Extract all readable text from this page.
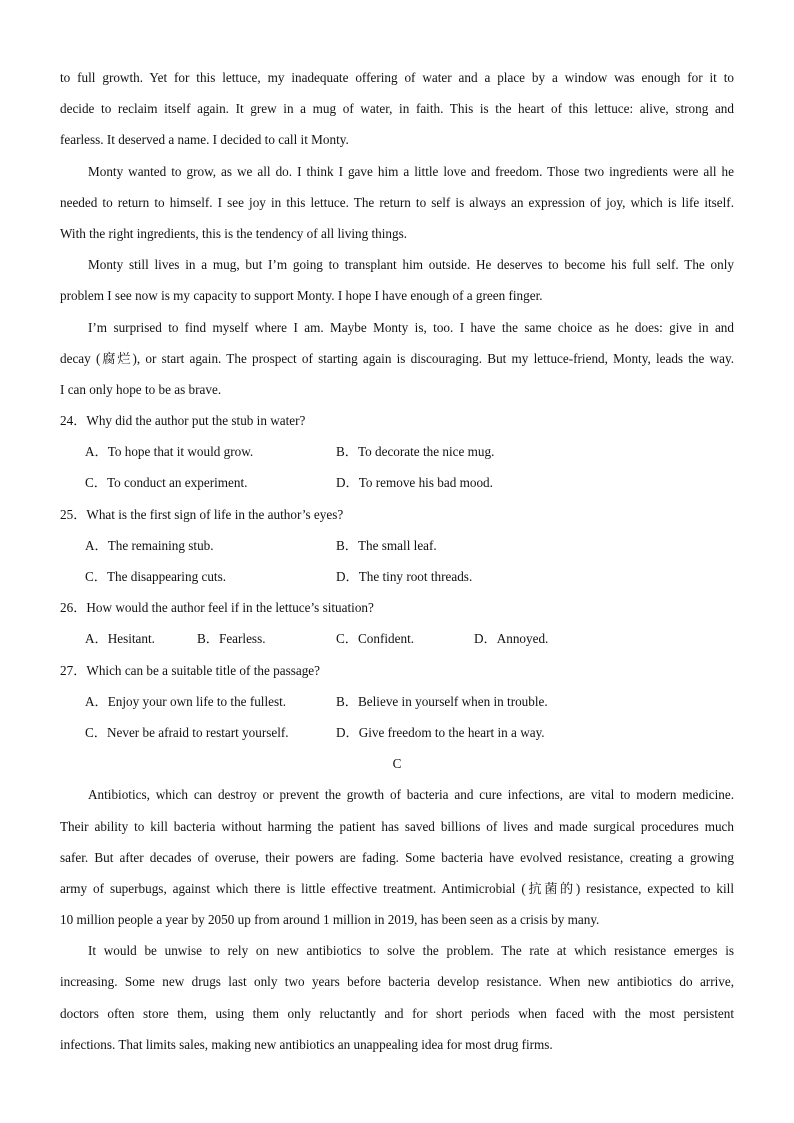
to full growth. Yet for this lettuce, my inadequate offering of water and a place by a window was enough for it to
decide to reclaim itself again. It grew in a mug of water, in faith. This is the heart of this lettuce: alive, strong and
fearless. It deserved a name. I decided to call it Monty.
Monty wanted to grow, as we all do. I think I gave him a little love and freedom. Those two ingredients were all he
needed to return to himself. I see joy in this lettuce. The return to self is always an expression of joy, which is life itself.
With the right ingredients, this is the tendency of all living things.
Monty still lives in a mug, but I’m going to transplant him outside. He deserves to become his full self. The only
problem I see now is my capacity to support Monty. I hope I have enough of a green finger.
I’m surprised to find myself where I am. Maybe Monty is, too. I have the same choice as he does: give in and
decay (腐烂), or start again. The prospect of starting again is discouraging. But my lettuce-friend, Monty, leads the way.
I can only hope to be as brave.
24．Why did the author put the stub in water?
A．To hope that it would grow.	B．To decorate the nice mug.
C．To conduct an experiment.	D．To remove his bad mood.
25．What is the first sign of life in the author’s eyes?
A．The remaining stub.	B．The small leaf.
C．The disappearing cuts.	D．The tiny root threads.
26．How would the author feel if in the lettuce’s situation?
A．Hesitant.	B．Fearless.	C．Confident.	D．Annoyed.
27．Which can be a suitable title of the passage?
A．Enjoy your own life to the fullest.	B．Believe in yourself when in trouble.
C．Never be afraid to restart yourself.	D．Give freedom to the heart in a way.
C
Antibiotics, which can destroy or prevent the growth of bacteria and cure infections, are vital to modern medicine.
Their ability to kill bacteria without harming the patient has saved billions of lives and made surgical procedures much
safer. But after decades of overuse, their powers are fading. Some bacteria have evolved resistance, creating a growing
army of superbugs, against which there is little effective treatment. Antimicrobial (抗菌的) resistance, expected to kill
10 million people a year by 2050 up from around 1 million in 2019, has been seen as a crisis by many.
It would be unwise to rely on new antibiotics to solve the problem. The rate at which resistance emerges is
increasing. Some new drugs last only two years before bacteria develop resistance. When new antibiotics do arrive,
doctors often store them, using them only reluctantly and for short periods when faced with the most persistent
infections. That limits sales, making new antibiotics an unappealing idea for most drug firms.
